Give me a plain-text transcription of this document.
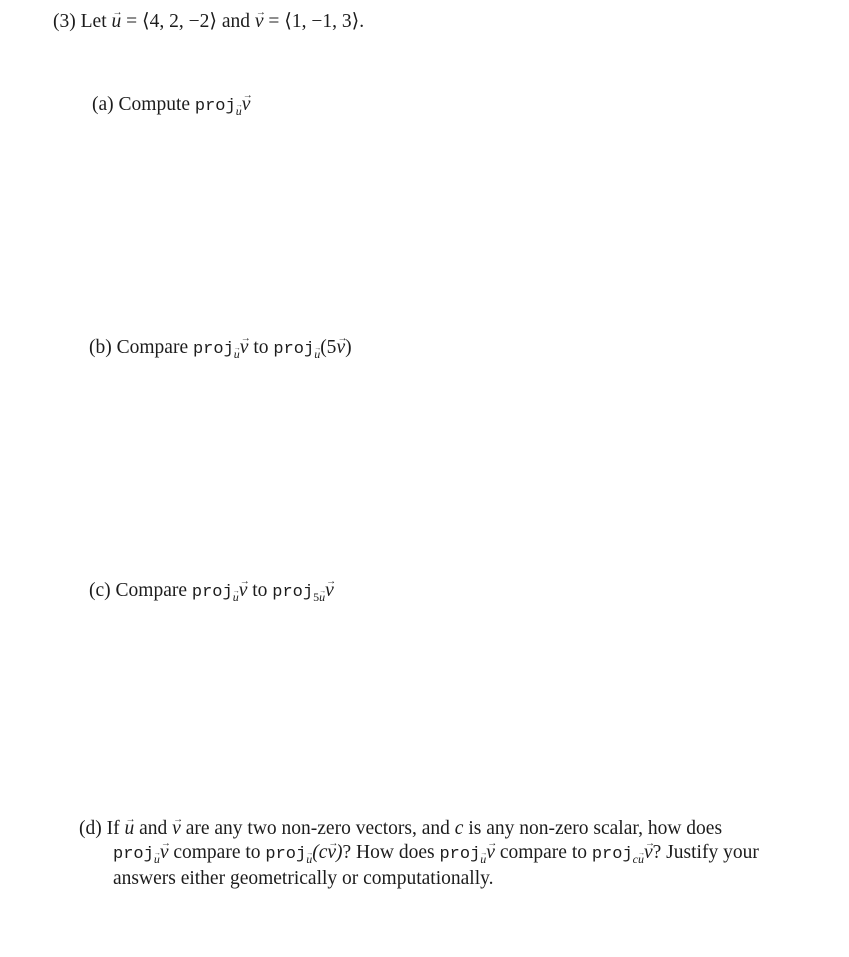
(3) Let → u = ⟨4, 2, −2⟩ and → v = ⟨1, −1, 3⟩.
(a) Compute proj$_u$→ v
(b) Compare proj$_u$→ v to proj$_u$(5→ v)
(c) Compare proj$_u$→ v to proj$_{5u}$→ v
(d) If → u and → v are any two non-zero vectors, and c is any non-zero scalar, how does
proj$_u$→ v compare to proj$_u$(c→ v)? How does proj$_u$→ v compare to proj$_{cu}$→ v? Justify your
answers either geometrically or computationally.
